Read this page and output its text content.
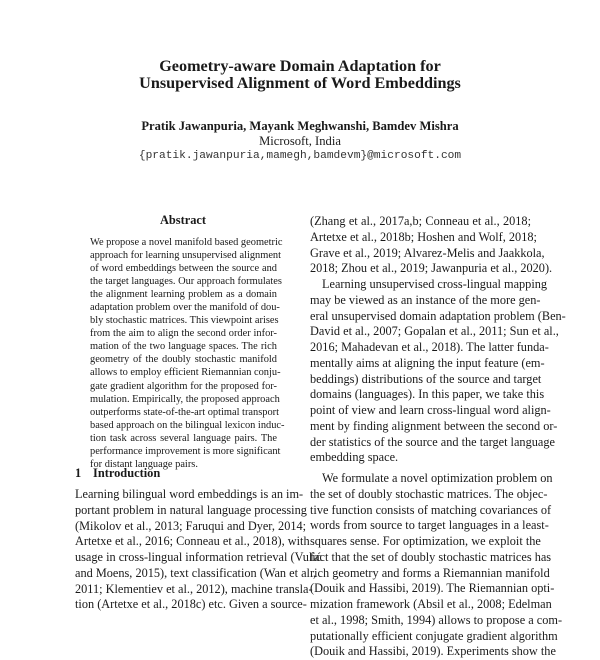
Geometry-aware Domain Adaptation for
Unsupervised Alignment of Word Embeddings
Pratik Jawanpuria, Mayank Meghwanshi, Bamdev Mishra
Microsoft, India
{pratik.jawanpuria,mamegh,bamdevm}@microsoft.com
Abstract
We propose a novel manifold based geometric
approach for learning unsupervised alignment
of word embeddings between the source and
the target languages. Our approach formulates
the alignment learning problem as a domain
adaptation problem over the manifold of dou-
bly stochastic matrices. This viewpoint arises
from the aim to align the second order infor-
mation of the two language spaces. The rich
geometry of the doubly stochastic manifold
allows to employ efficient Riemannian conju-
gate gradient algorithm for the proposed for-
mulation. Empirically, the proposed approach
outperforms state-of-the-art optimal transport
based approach on the bilingual lexicon induc-
tion task across several language pairs. The
performance improvement is more significant
for distant language pairs.
1 Introduction

Learning bilingual word embeddings is an im-
portant problem in natural language processing
(Mikolov et al., 2013; Faruqui and Dyer, 2014;
Artetxe et al., 2016; Conneau et al., 2018), with
usage in cross-lingual information retrieval (Vulić
and Moens, 2015), text classification (Wan et al.,
2011; Klementiev et al., 2012), machine transla-
tion (Artetxe et al., 2018c) etc. Given a source-

(Zhang et al., 2017a,b; Conneau et al., 2018;
Artetxe et al., 2018b; Hoshen and Wolf, 2018;
Grave et al., 2019; Alvarez-Melis and Jaakkola,
2018; Zhou et al., 2019; Jawanpuria et al., 2020).

Learning unsupervised cross-lingual mapping
may be viewed as an instance of the more gen-
eral unsupervised domain adaptation problem (Ben-
David et al., 2007; Gopalan et al., 2011; Sun et al.,
2016; Mahadevan et al., 2018). The latter funda-
mentally aims at aligning the input feature (em-
beddings) distributions of the source and target
domains (languages). In this paper, we take this
point of view and learn cross-lingual word align-
ment by finding alignment between the second or-
der statistics of the source and the target language
embedding space.

We formulate a novel optimization problem on
the set of doubly stochastic matrices. The objec-
tive function consists of matching covariances of
words from source to target languages in a least-
squares sense. For optimization, we exploit the
fact that the set of doubly stochastic matrices has
rich geometry and forms a Riemannian manifold
(Douik and Hassibi, 2019). The Riemannian opti-
mization framework (Absil et al., 2008; Edelman
et al., 1998; Smith, 1994) allows to propose a com-
putationally efficient conjugate gradient algorithm
(Douik and Hassibi, 2019). Experiments show the
